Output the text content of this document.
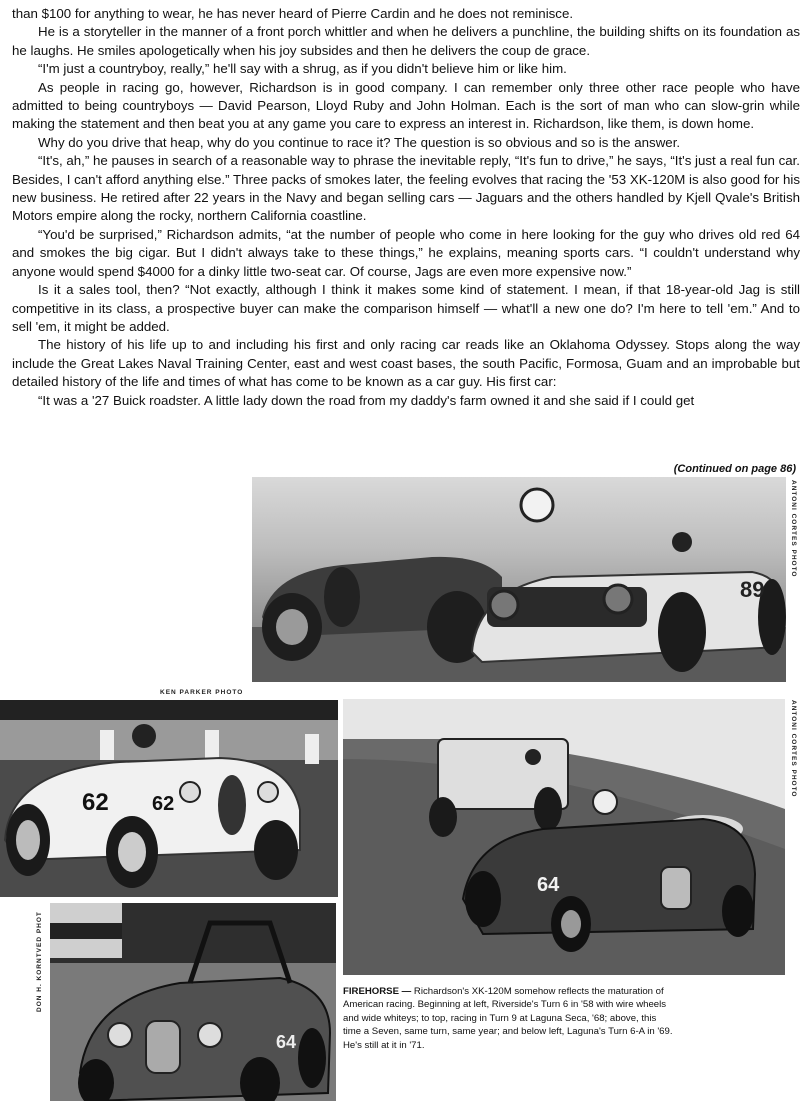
than $100 for anything to wear, he has never heard of Pierre Cardin and he does not reminisce.

He is a storyteller in the manner of a front porch whittler and when he delivers a punchline, the building shifts on its foundation as he laughs. He smiles apologetically when his joy subsides and then he delivers the coup de grace.

“I'm just a countryboy, really,” he'll say with a shrug, as if you didn't believe him or like him.

As people in racing go, however, Richardson is in good company. I can remember only three other race people who have admitted to being countryboys — David Pearson, Lloyd Ruby and John Holman. Each is the sort of man who can slow-grin while making the statement and then beat you at any game you care to express an interest in. Richardson, like them, is down home.

Why do you drive that heap, why do you continue to race it? The question is so obvious and so is the answer.

“It's, ah,” he pauses in search of a reasonable way to phrase the inevitable reply, “It's fun to drive,” he says, “It's just a real fun car. Besides, I can't afford anything else.” Three packs of smokes later, the feeling evolves that racing the '53 XK-120M is also good for his new business. He retired after 22 years in the Navy and began selling cars — Jaguars and the others handled by Kjell Qvale's British Motors empire along the rocky, northern California coastline.

“You'd be surprised,” Richardson admits, “at the number of people who come in here looking for the guy who drives old red 64 and smokes the big cigar. But I didn't always take to these things,” he explains, meaning sports cars. “I couldn't understand why anyone would spend $4000 for a dinky little two-seat car. Of course, Jags are even more expensive now.”

Is it a sales tool, then? “Not exactly, although I think it makes some kind of statement. I mean, if that 18-year-old Jag is still competitive in its class, a prospective buyer can make the comparison himself — what'll a new one do? I'm here to tell 'em.” And to sell 'em, it might be added.

The history of his life up to and including his first and only racing car reads like an Oklahoma Odyssey. Stops along the way include the Great Lakes Naval Training Center, east and west coast bases, the south Pacific, Formosa, Guam and an improbable but detailed history of the life and times of what has come to be known as a car guy. His first car:

“It was a '27 Buick roadster. A little lady down the road from my daddy's farm owned it and she said if I could get

(Continued on page 86)
89
ANTONI CORTES PHOTO
KEN PARKER PHOTO
62 62
64
ANTONI CORTES PHOTO
DON H. KORNTVED PHOT
64
FIREHORSE — Richardson's XK-120M somehow reflects the maturation of American racing. Beginning at left, Riverside's Turn 6 in '58 with wire wheels and wide whiteys; to top, racing in Turn 9 at Laguna Seca, '68; above, this time a Seven, same turn, same year; and below left, Laguna's Turn 6-A in '69. He's still at it in '71.
